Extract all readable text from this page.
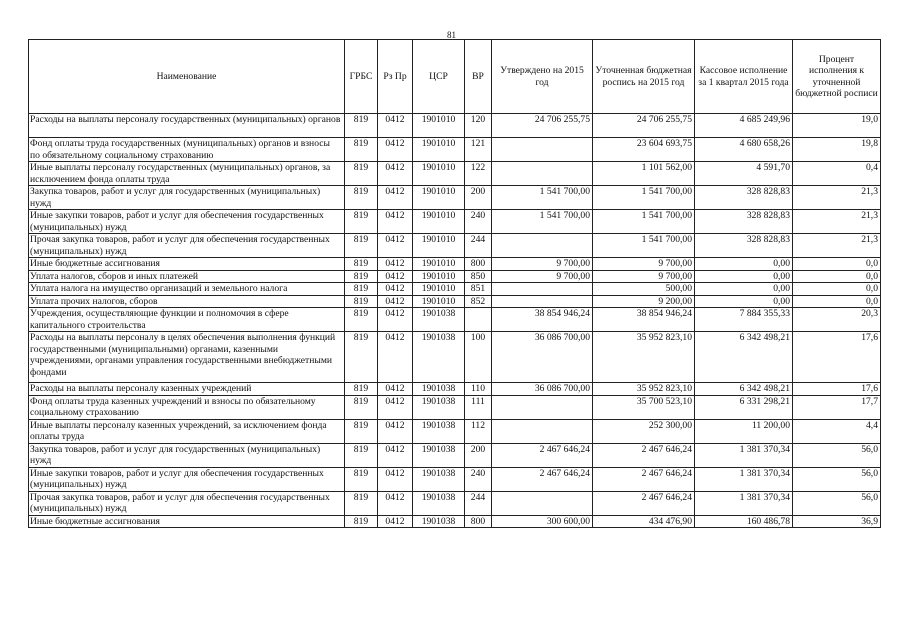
81
Наименование	ГРБС	Рз Пр	ЦСР	ВР	Утверждено на 2015 год	Уточненная бюджетная роспись на 2015 год	Кассовое исполнение за 1 квартал 2015 года	Процент исполнения к уточненной бюджетной росписи
Расходы на выплаты персоналу государственных (муниципальных) органов	819	0412	1901010	120	24 706 255,75	24 706 255,75	4 685 249,96	19,0
Фонд оплаты труда государственных (муниципальных) органов и взносы по обязательному социальному страхованию	819	0412	1901010	121		23 604 693,75	4 680 658,26	19,8
Иные выплаты персоналу государственных (муниципальных) органов, за исключением фонда оплаты труда	819	0412	1901010	122		1 101 562,00	4 591,70	0,4
Закупка товаров, работ и услуг для государственных (муниципальных) нужд	819	0412	1901010	200	1 541 700,00	1 541 700,00	328 828,83	21,3
Иные закупки товаров, работ и услуг для обеспечения государственных (муниципальных) нужд	819	0412	1901010	240	1 541 700,00	1 541 700,00	328 828,83	21,3
Прочая закупка товаров, работ и услуг для обеспечения государственных (муниципальных) нужд	819	0412	1901010	244		1 541 700,00	328 828,83	21,3
Иные бюджетные ассигнования	819	0412	1901010	800	9 700,00	9 700,00	0,00	0,0
Уплата налогов, сборов и иных платежей	819	0412	1901010	850	9 700,00	9 700,00	0,00	0,0
Уплата налога на имущество организаций и земельного налога	819	0412	1901010	851		500,00	0,00	0,0
Уплата прочих налогов, сборов	819	0412	1901010	852		9 200,00	0,00	0,0
Учреждения, осуществляющие функции и полномочия в сфере капитального строительства	819	0412	1901038		38 854 946,24	38 854 946,24	7 884 355,33	20,3
Расходы на выплаты персоналу в целях обеспечения выполнения функций государственными (муниципальными) органами, казенными учреждениями, органами управления государственными внебюджетными фондами	819	0412	1901038	100	36 086 700,00	35 952 823,10	6 342 498,21	17,6
Расходы на выплаты персоналу казенных учреждений	819	0412	1901038	110	36 086 700,00	35 952 823,10	6 342 498,21	17,6
Фонд оплаты труда казенных учреждений и взносы по обязательному социальному страхованию	819	0412	1901038	111		35 700 523,10	6 331 298,21	17,7
Иные выплаты персоналу казенных учреждений, за исключением фонда оплаты труда	819	0412	1901038	112		252 300,00	11 200,00	4,4
Закупка товаров, работ и услуг для государственных (муниципальных) нужд	819	0412	1901038	200	2 467 646,24	2 467 646,24	1 381 370,34	56,0
Иные закупки товаров, работ и услуг для обеспечения государственных (муниципальных) нужд	819	0412	1901038	240	2 467 646,24	2 467 646,24	1 381 370,34	56,0
Прочая закупка товаров, работ и услуг для обеспечения государственных (муниципальных) нужд	819	0412	1901038	244		2 467 646,24	1 381 370,34	56,0
Иные бюджетные ассигнования	819	0412	1901038	800	300 600,00	434 476,90	160 486,78	36,9
